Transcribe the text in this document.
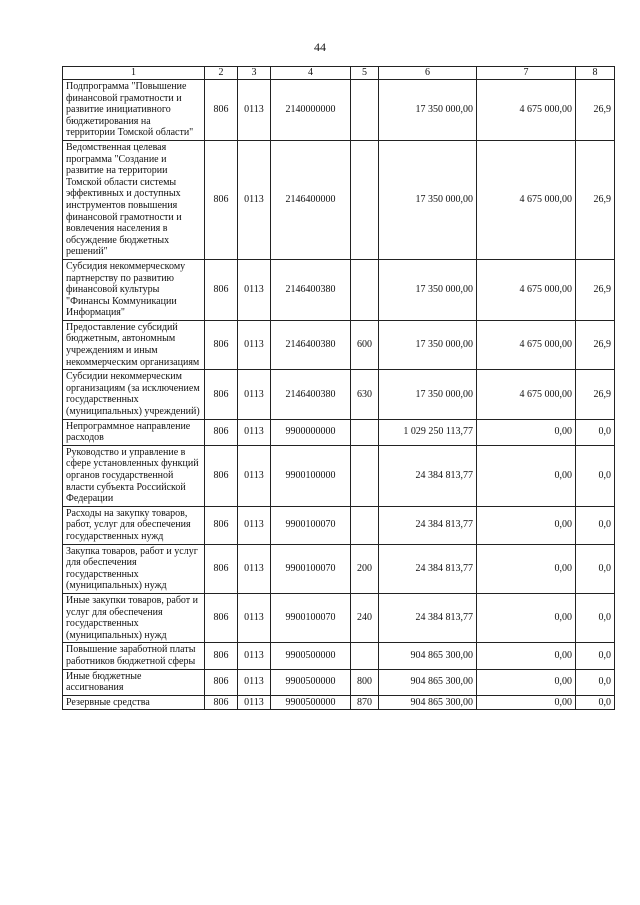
44
1	2	3	4	5	6	7	8
Подпрограмма "Повышение финансовой грамотности и развитие инициативного бюджетирования на территории Томской области"	806	0113	2140000000		17 350 000,00	4 675 000,00	26,9
Ведомственная целевая программа "Создание и развитие на территории Томской области системы эффективных и доступных инструментов повышения финансовой грамотности и вовлечения населения в обсуждение бюджетных решений"	806	0113	2146400000		17 350 000,00	4 675 000,00	26,9
Субсидия некоммерческому партнерству по развитию финансовой культуры "Финансы Коммуникации Информация"	806	0113	2146400380		17 350 000,00	4 675 000,00	26,9
Предоставление субсидий бюджетным, автономным учреждениям и иным некоммерческим организациям	806	0113	2146400380	600	17 350 000,00	4 675 000,00	26,9
Субсидии некоммерческим организациям (за исключением государственных (муниципальных) учреждений)	806	0113	2146400380	630	17 350 000,00	4 675 000,00	26,9
Непрограммное направление расходов	806	0113	9900000000		1 029 250 113,77	0,00	0,0
Руководство и управление в сфере установленных функций органов государственной власти субъекта Российской Федерации	806	0113	9900100000		24 384 813,77	0,00	0,0
Расходы на закупку товаров, работ, услуг для обеспечения государственных нужд	806	0113	9900100070		24 384 813,77	0,00	0,0
Закупка товаров, работ и услуг для обеспечения государственных (муниципальных) нужд	806	0113	9900100070	200	24 384 813,77	0,00	0,0
Иные закупки товаров, работ и услуг для обеспечения государственных (муниципальных) нужд	806	0113	9900100070	240	24 384 813,77	0,00	0,0
Повышение заработной платы работников бюджетной сферы	806	0113	9900500000		904 865 300,00	0,00	0,0
Иные бюджетные ассигнования	806	0113	9900500000	800	904 865 300,00	0,00	0,0
Резервные средства	806	0113	9900500000	870	904 865 300,00	0,00	0,0
